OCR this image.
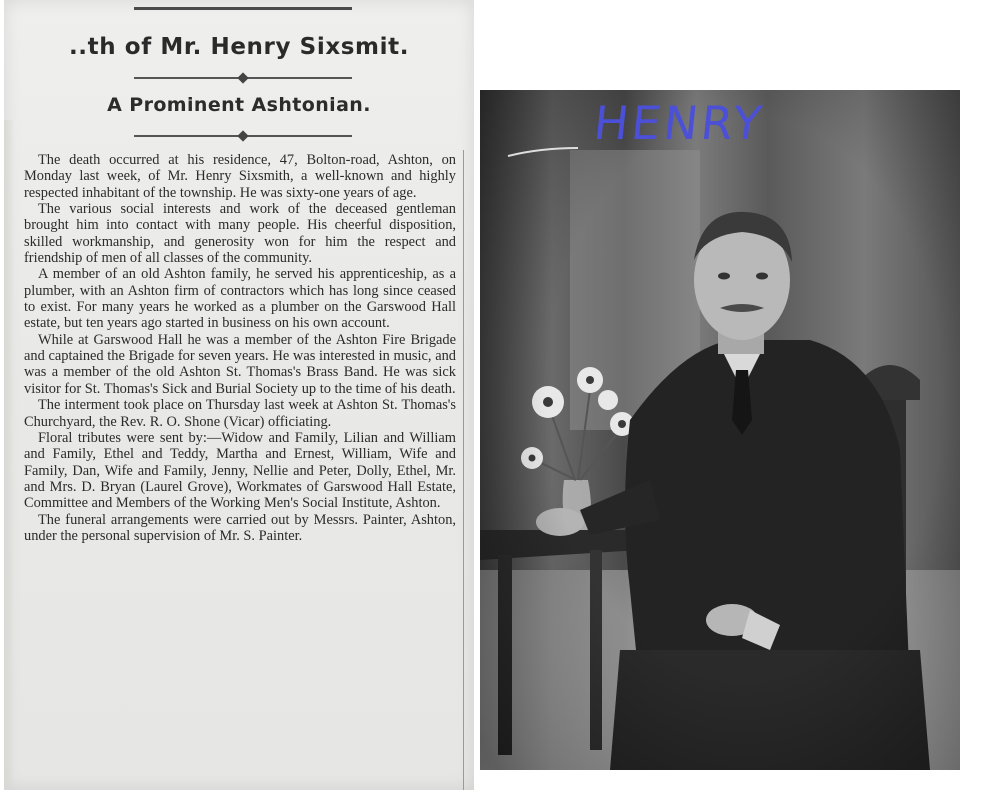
..th of Mr. Henry Sixsmit.
A Prominent Ashtonian.

The death occurred at his residence, 47, Bolton-road, Ashton, on Monday last week, of Mr. Henry Sixsmith, a well-known and highly respected inhabitant of the township. He was sixty-one years of age.

The various social interests and work of the deceased gentleman brought him into contact with many people. His cheerful disposition, skilled workmanship, and generosity won for him the respect and friendship of men of all classes of the community.

A member of an old Ashton family, he served his apprenticeship, as a plumber, with an Ashton firm of contractors which has long since ceased to exist. For many years he worked as a plumber on the Garswood Hall estate, but ten years ago started in business on his own account.

While at Garswood Hall he was a member of the Ashton Fire Brigade and captained the Brigade for seven years. He was interested in music, and was a member of the old Ashton St. Thomas's Brass Band. He was sick visitor for St. Thomas's Sick and Burial Society up to the time of his death.

The interment took place on Thursday last week at Ashton St. Thomas's Churchyard, the Rev. R. O. Shone (Vicar) officiating.

Floral tributes were sent by:—Widow and Family, Lilian and William and Family, Ethel and Teddy, Martha and Ernest, William, Wife and Family, Dan, Wife and Family, Jenny, Nellie and Peter, Dolly, Ethel, Mr. and Mrs. D. Bryan (Laurel Grove), Workmates of Garswood Hall Estate, Committee and Members of the Working Men's Social Institute, Ashton.

The funeral arrangements were carried out by Messrs. Painter, Ashton, under the personal supervision of Mr. S. Painter.

HENRY
